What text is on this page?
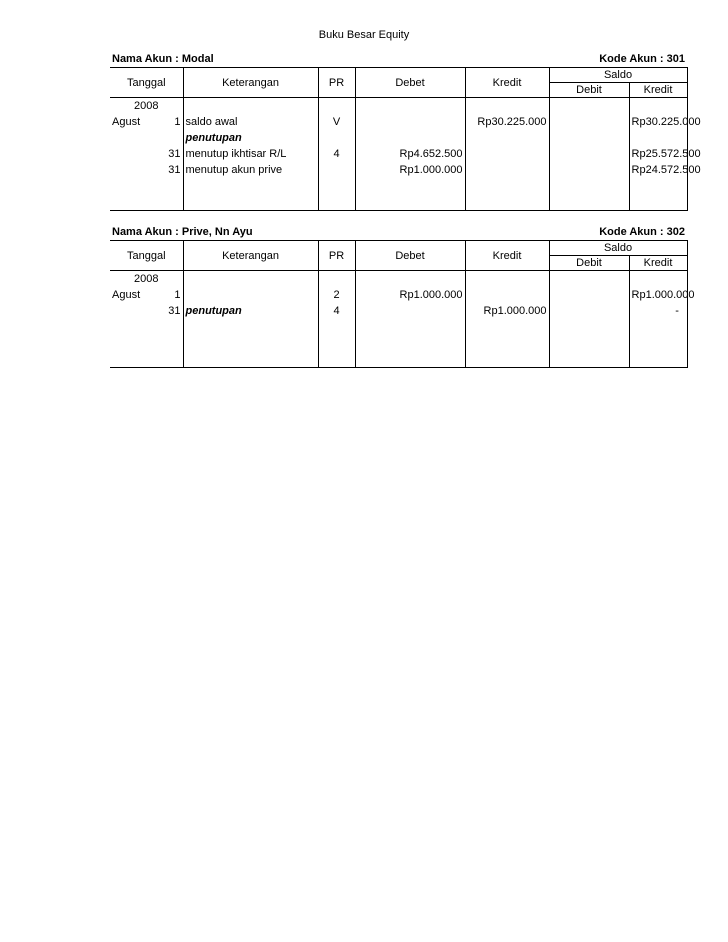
Buku Besar Equity
Nama Akun : Modal	Kode Akun : 301
Tanggal		Keterangan	PR	Debet	Kredit	Saldo	
						Debit	Kredit
2008							
Agust	1	saldo awal	V		Rp30.225.000		Rp30.225.000
		penutupan					
	31	menutup ikhtisar R/L	4	Rp4.652.500			Rp25.572.500
	31	menutup akun prive		Rp1.000.000			Rp24.572.500

Nama Akun : Prive, Nn Ayu	Kode Akun : 302
Tanggal		Keterangan	PR	Debet	Kredit	Saldo	
						Debit	Kredit
2008							
Agust	1		2	Rp1.000.000			Rp1.000.000
	31	penutupan	4		Rp1.000.000		-
